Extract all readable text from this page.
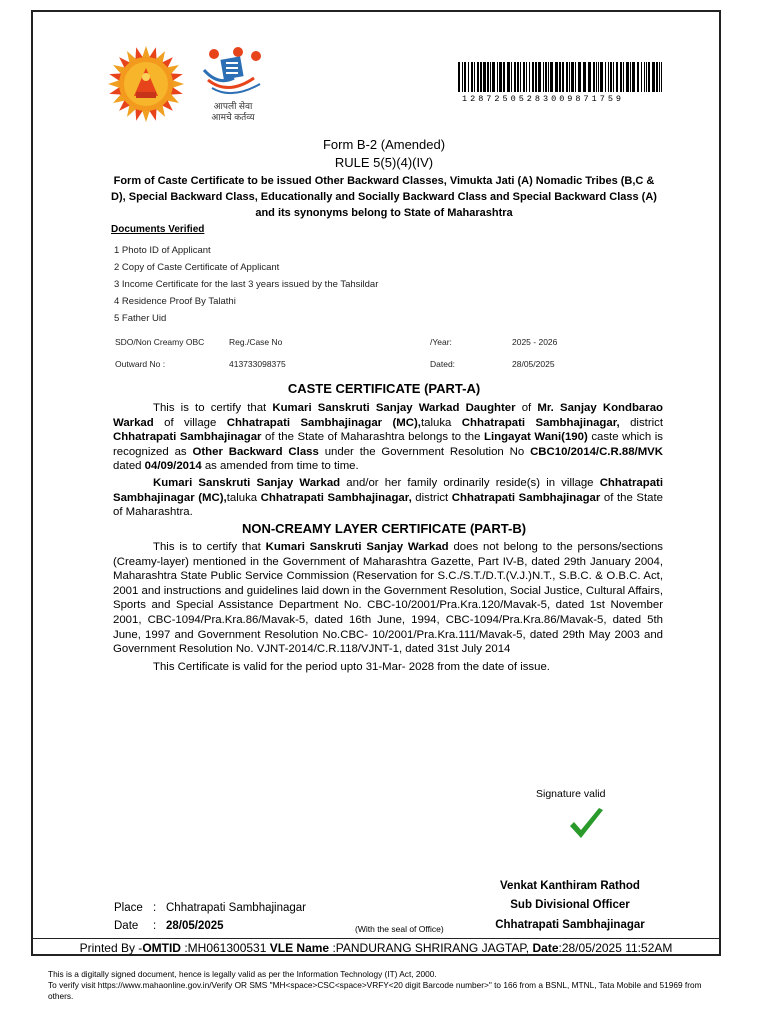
आपली सेवा
आमचे कर्तव्य
1287250528300987175​9
Form B-2 (Amended)
RULE 5(5)(4)(IV)
Form of Caste Certificate to be issued Other Backward Classes, Vimukta Jati (A) Nomadic Tribes (B,C & D), Special Backward Class, Educationally and Socially Backward Class and Special Backward Class (A) and its synonyms belong to State of Maharashtra
Documents Verified
1 Photo ID of Applicant
2 Copy of Caste Certificate of Applicant
3 Income Certificate for the last 3 years issued by the Tahsildar
4 Residence Proof By Talathi
5 Father Uid
SDO/Non Creamy OBC	Reg./Case No	/Year:	2025 - 2026
Outward No :	413733098375	Dated:	28/05/2025
CASTE CERTIFICATE (PART-A)

This is to certify that Kumari Sanskruti Sanjay Warkad Daughter of Mr. Sanjay Kondbarao Warkad of village Chhatrapati Sambhajinagar (MC),taluka Chhatrapati Sambhajinagar, district Chhatrapati Sambhajinagar of the State of Maharashtra belongs to the Lingayat Wani(190) caste which is recognized as Other Backward Class under the Government Resolution No CBC10/2014/C.R.88/MVK dated 04/09/2014 as amended from time to time.

Kumari Sanskruti Sanjay Warkad and/or her family ordinarily reside(s) in village Chhatrapati Sambhajinagar (MC),taluka Chhatrapati Sambhajinagar, district Chhatrapati Sambhajinagar of the State of Maharashtra.

NON-CREAMY LAYER CERTIFICATE (PART-B)

This is to certify that Kumari Sanskruti Sanjay Warkad does not belong to the persons/sections (Creamy-layer) mentioned in the Government of Maharashtra Gazette, Part IV-B, dated 29th January 2004, Maharashtra State Public Service Commission (Reservation for S.C./S.T./D.T.(V.J.)N.T., S.B.C. & O.B.C. Act, 2001 and instructions and guidelines laid down in the Government Resolution, Social Justice, Cultural Affairs, Sports and Special Assistance Department No. CBC-10/2001/Pra.Kra.120/Mavak-5, dated 1st November 2001, CBC-1094/Pra.Kra.86/Mavak-5, dated 16th June, 1994, CBC-1094/Pra.Kra.86/Mavak-5, dated 5th June, 1997 and Government Resolution No.CBC- 10/2001/Pra.Kra.111/Mavak-5, dated 29th May 2003 and Government Resolution No. VJNT-2014/C.R.118/VJNT-1, dated 31st July 2014

This Certificate is valid for the period upto 31-Mar- 2028 from the date of issue.

Signature valid
Venkat Kanthiram Rathod
Sub Divisional Officer
Chhatrapati Sambhajinagar
Place : Chhatrapati Sambhajinagar
Date : 28/05/2025	(With the seal of Office)
Printed By -OMTID :MH061300531 VLE Name :PANDURANG SHRIRANG JAGTAP, Date:28/05/2025 11:52AM
This is a digitally signed document, hence is legally valid as per the Information Technology (IT) Act, 2000.
To verify visit https://www.mahaonline.gov.in/Verify OR SMS "MH<space>CSC<space>VRFY<20 digit Barcode number>" to 166 from a BSNL, MTNL, Tata Mobile and 51969 from others.
